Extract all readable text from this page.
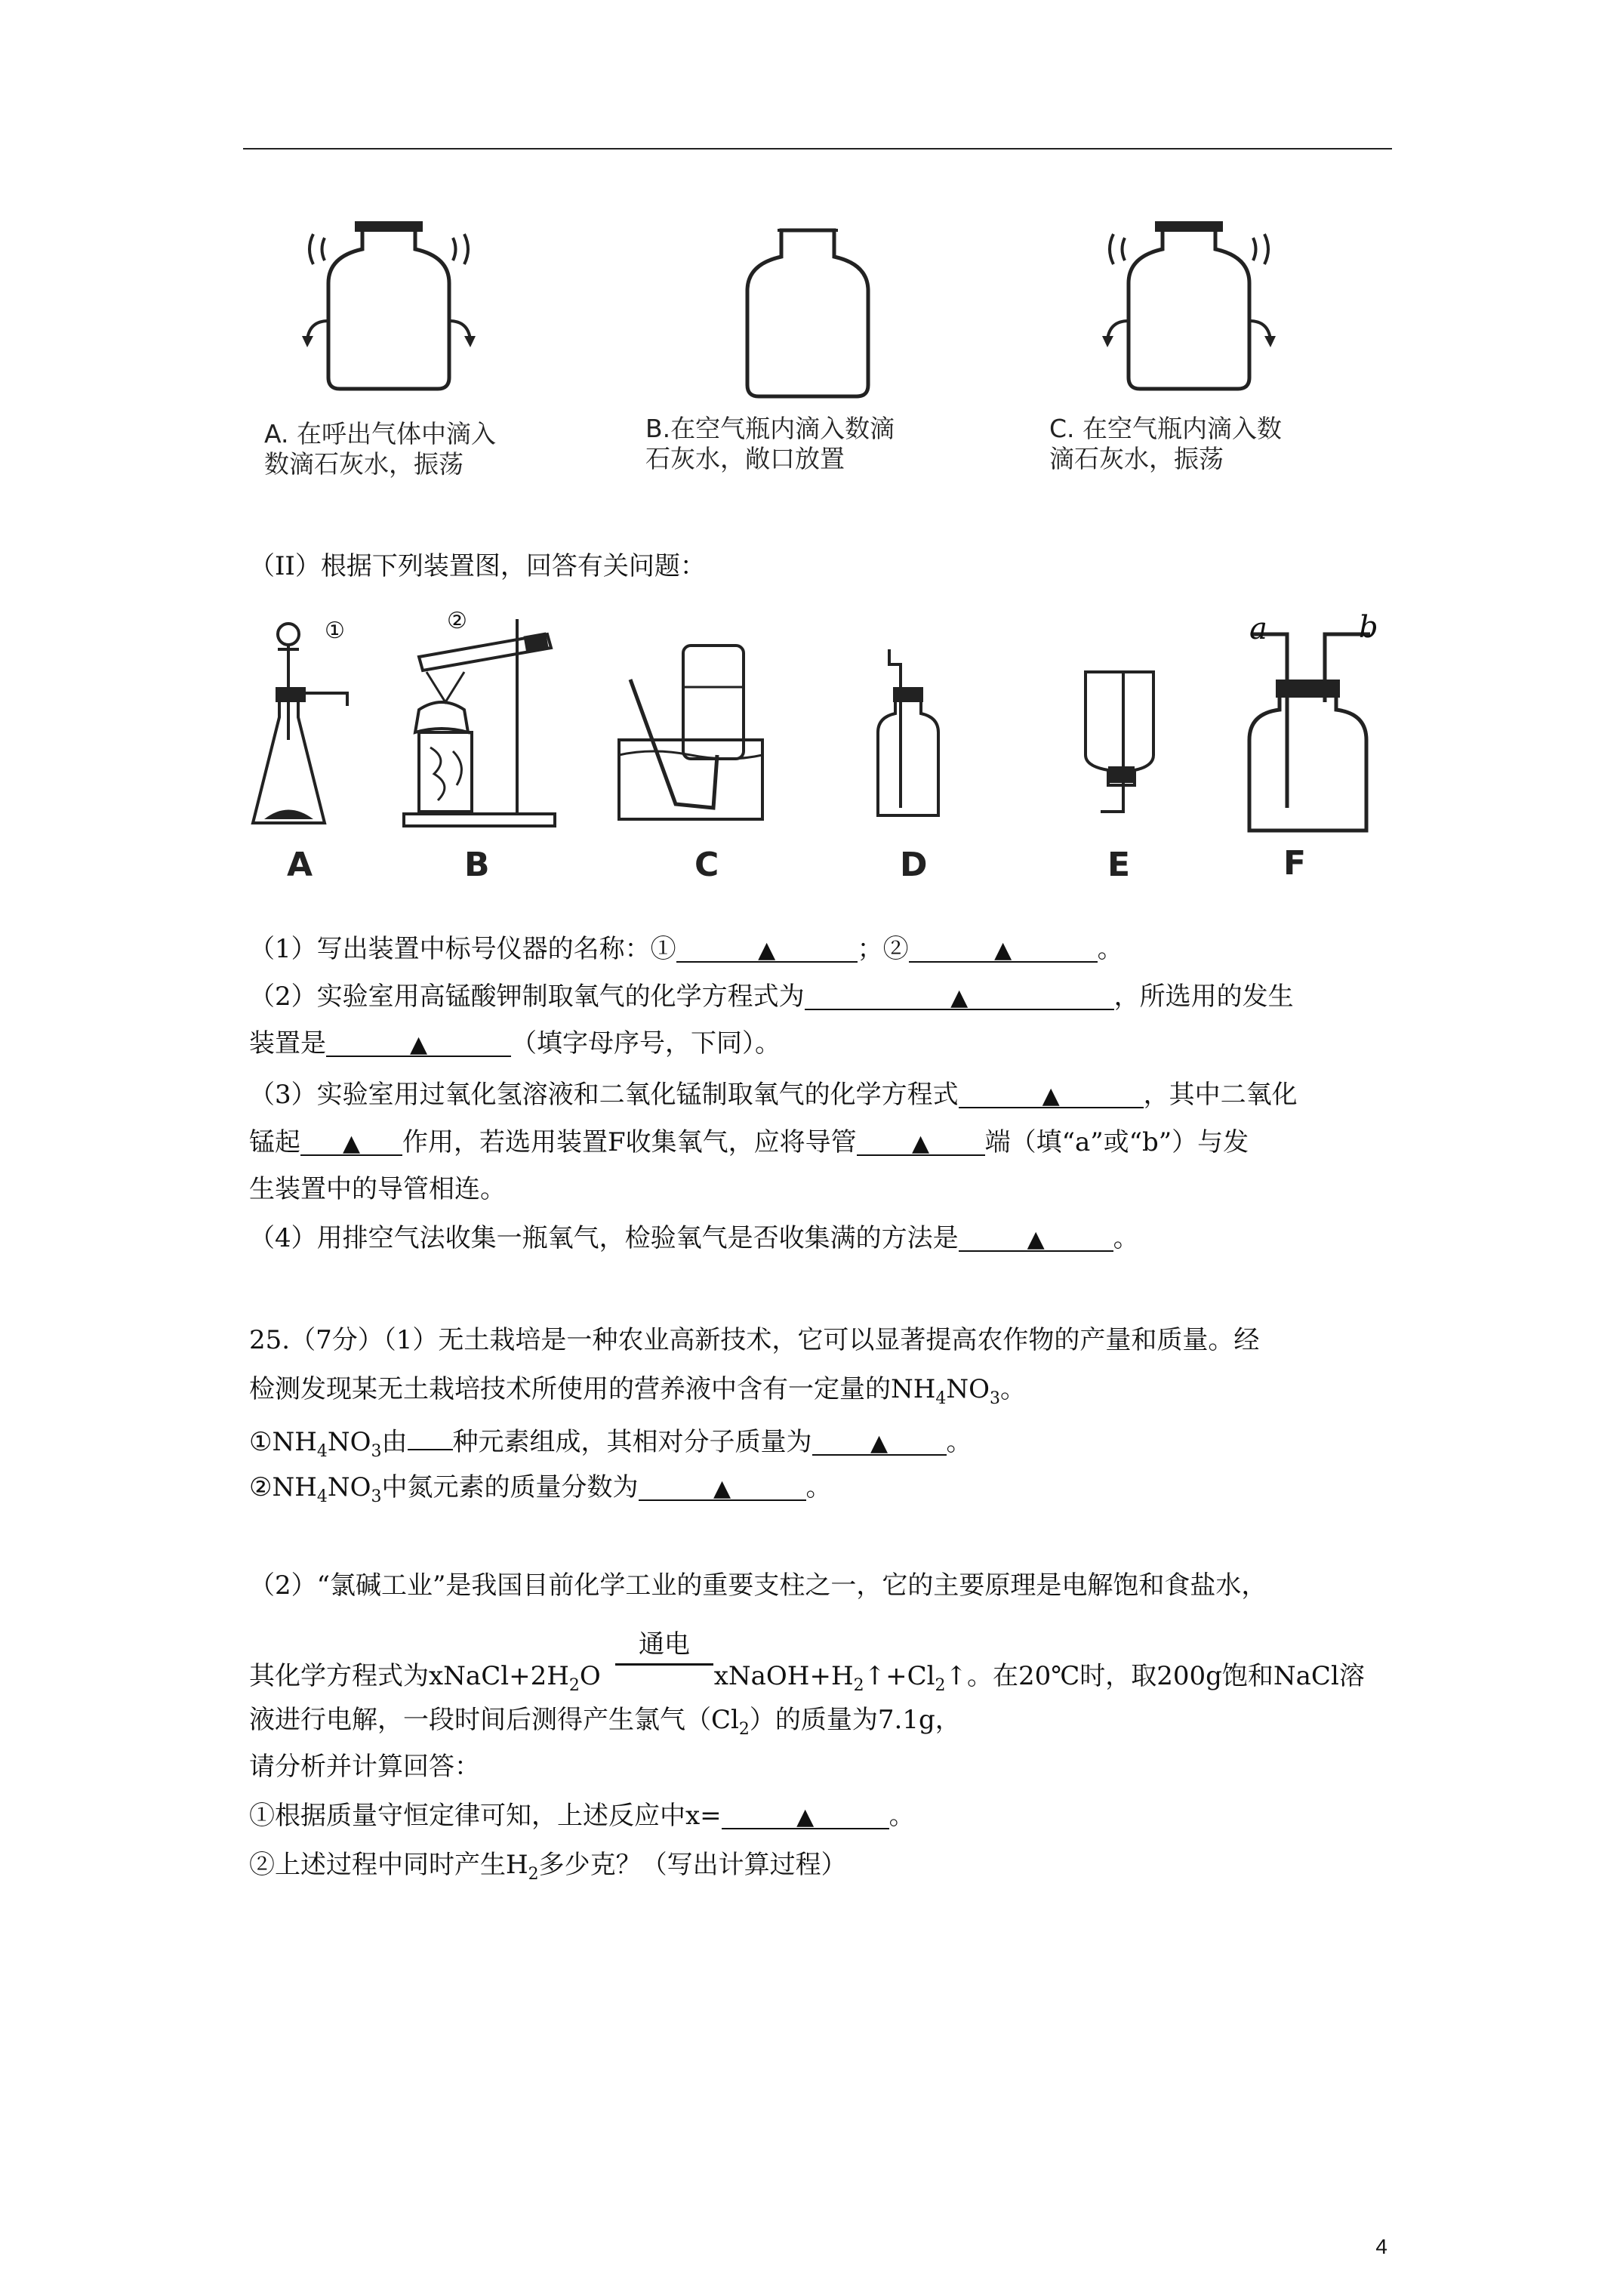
A. 在呼出气体中滴入
数滴石灰水，振荡
B.在空气瓶内滴入数滴
石灰水，敞口放置
C. 在空气瓶内滴入数
滴石灰水，振荡
（II）根据下列装置图，回答有关问题：
①	②	a	b
A	B	C	D	E	F
（1）写出装置中标号仪器的名称：①	▲	；②	▲	。
（2）实验室用高锰酸钾制取氧气的化学方程式为	▲	，所选用的发生
装置是	▲	（填字母序号，下同）。
（3）实验室用过氧化氢溶液和二氧化锰制取氧气的化学方程式	▲	，其中二氧化
锰起 ▲ 作用，若选用装置F收集氧气，应将导管 ▲ 端（填“a”或“b”）与发
生装置中的导管相连。
（4）用排空气法收集一瓶氧气，检验氧气是否收集满的方法是	▲	。
25.（7分）（1）无土栽培是一种农业高新技术，它可以显著提高农作物的产量和质量。经
检测发现某无土栽培技术所使用的营养液中含有一定量的$NH_4NO_3$。
$①NH_4NO_3$由 种元素组成，其相对分子质量为	▲ 。
$②NH_4NO_3$中氮元素的质量分数为	▲	。
（2）“氯碱工业”是我国目前化学工业的重要支柱之一，它的主要原理是电解饱和食盐水，
通电
其化学方程式为$xNaCl+2H_2O$	$xNaOH+H_2↑+Cl_2↑$。在20℃时，取200g饱和NaCl溶
液进行电解，一段时间后测得产生氯气$(Cl_2)$的质量为7.1g，
请分析并计算回答：
①根据质量守恒定律可知，上述反应中x=	▲	。
②上述过程中同时产生$H_2$多少克？（写出计算过程）
4
